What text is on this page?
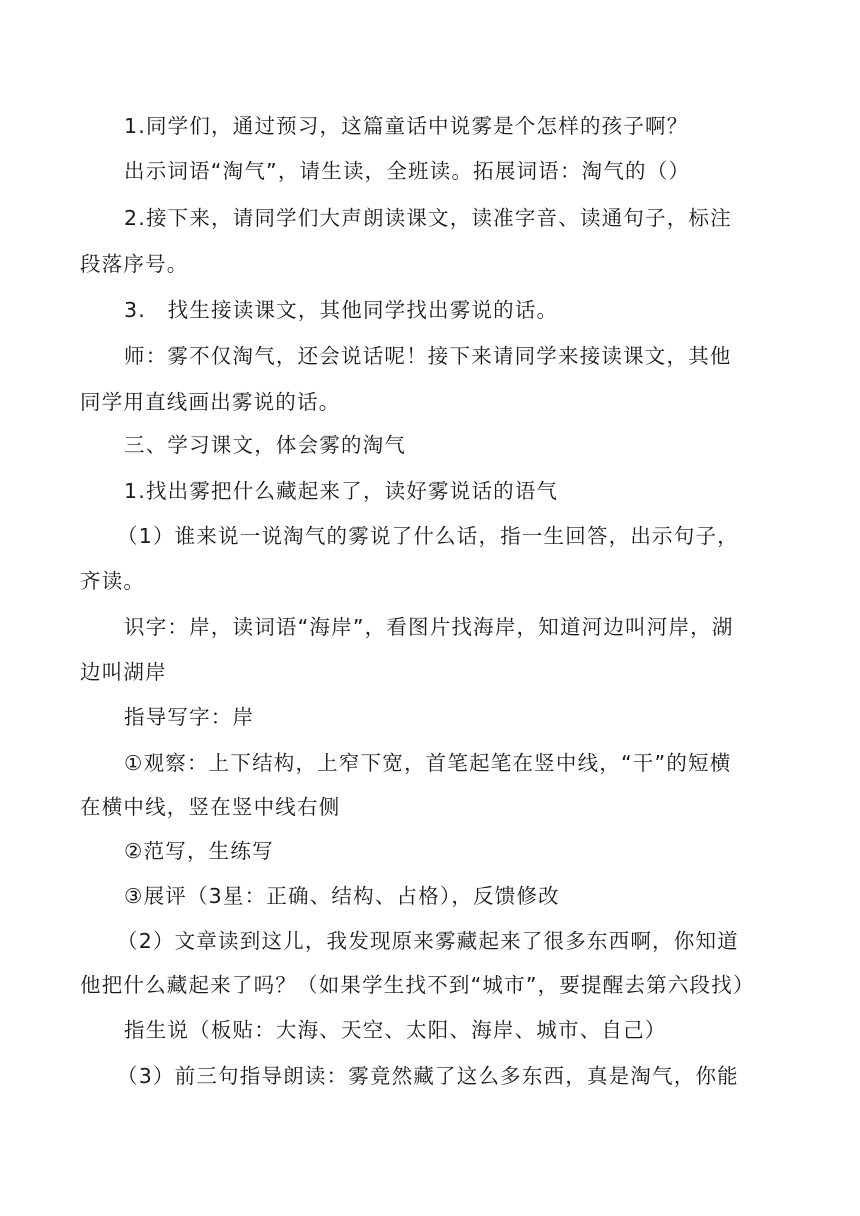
1.同学们，通过预习，这篇童话中说雾是个怎样的孩子啊？
出示词语“淘气”，请生读，全班读。拓展词语：淘气的（）
2.接下来，请同学们大声朗读课文，读准字音、读通句子，标注
段落序号。
3.　找生接读课文，其他同学找出雾说的话。
师：雾不仅淘气，还会说话呢！接下来请同学来接读课文，其他
同学用直线画出雾说的话。
三、学习课文，体会雾的淘气
1.找出雾把什么藏起来了，读好雾说话的语气
（1）谁来说一说淘气的雾说了什么话，指一生回答，出示句子，
齐读。
识字：岸，读词语“海岸”，看图片找海岸，知道河边叫河岸，湖
边叫湖岸
指导写字：岸
①观察：上下结构，上窄下宽，首笔起笔在竖中线，“干”的短横
在横中线，竖在竖中线右侧
②范写，生练写
③展评（3星：正确、结构、占格），反馈修改
（2）文章读到这儿，我发现原来雾藏起来了很多东西啊，你知道
他把什么藏起来了吗？（如果学生找不到“城市”，要提醒去第六段找）
指生说（板贴：大海、天空、太阳、海岸、城市、自己）
（3）前三句指导朗读：雾竟然藏了这么多东西，真是淘气，你能
